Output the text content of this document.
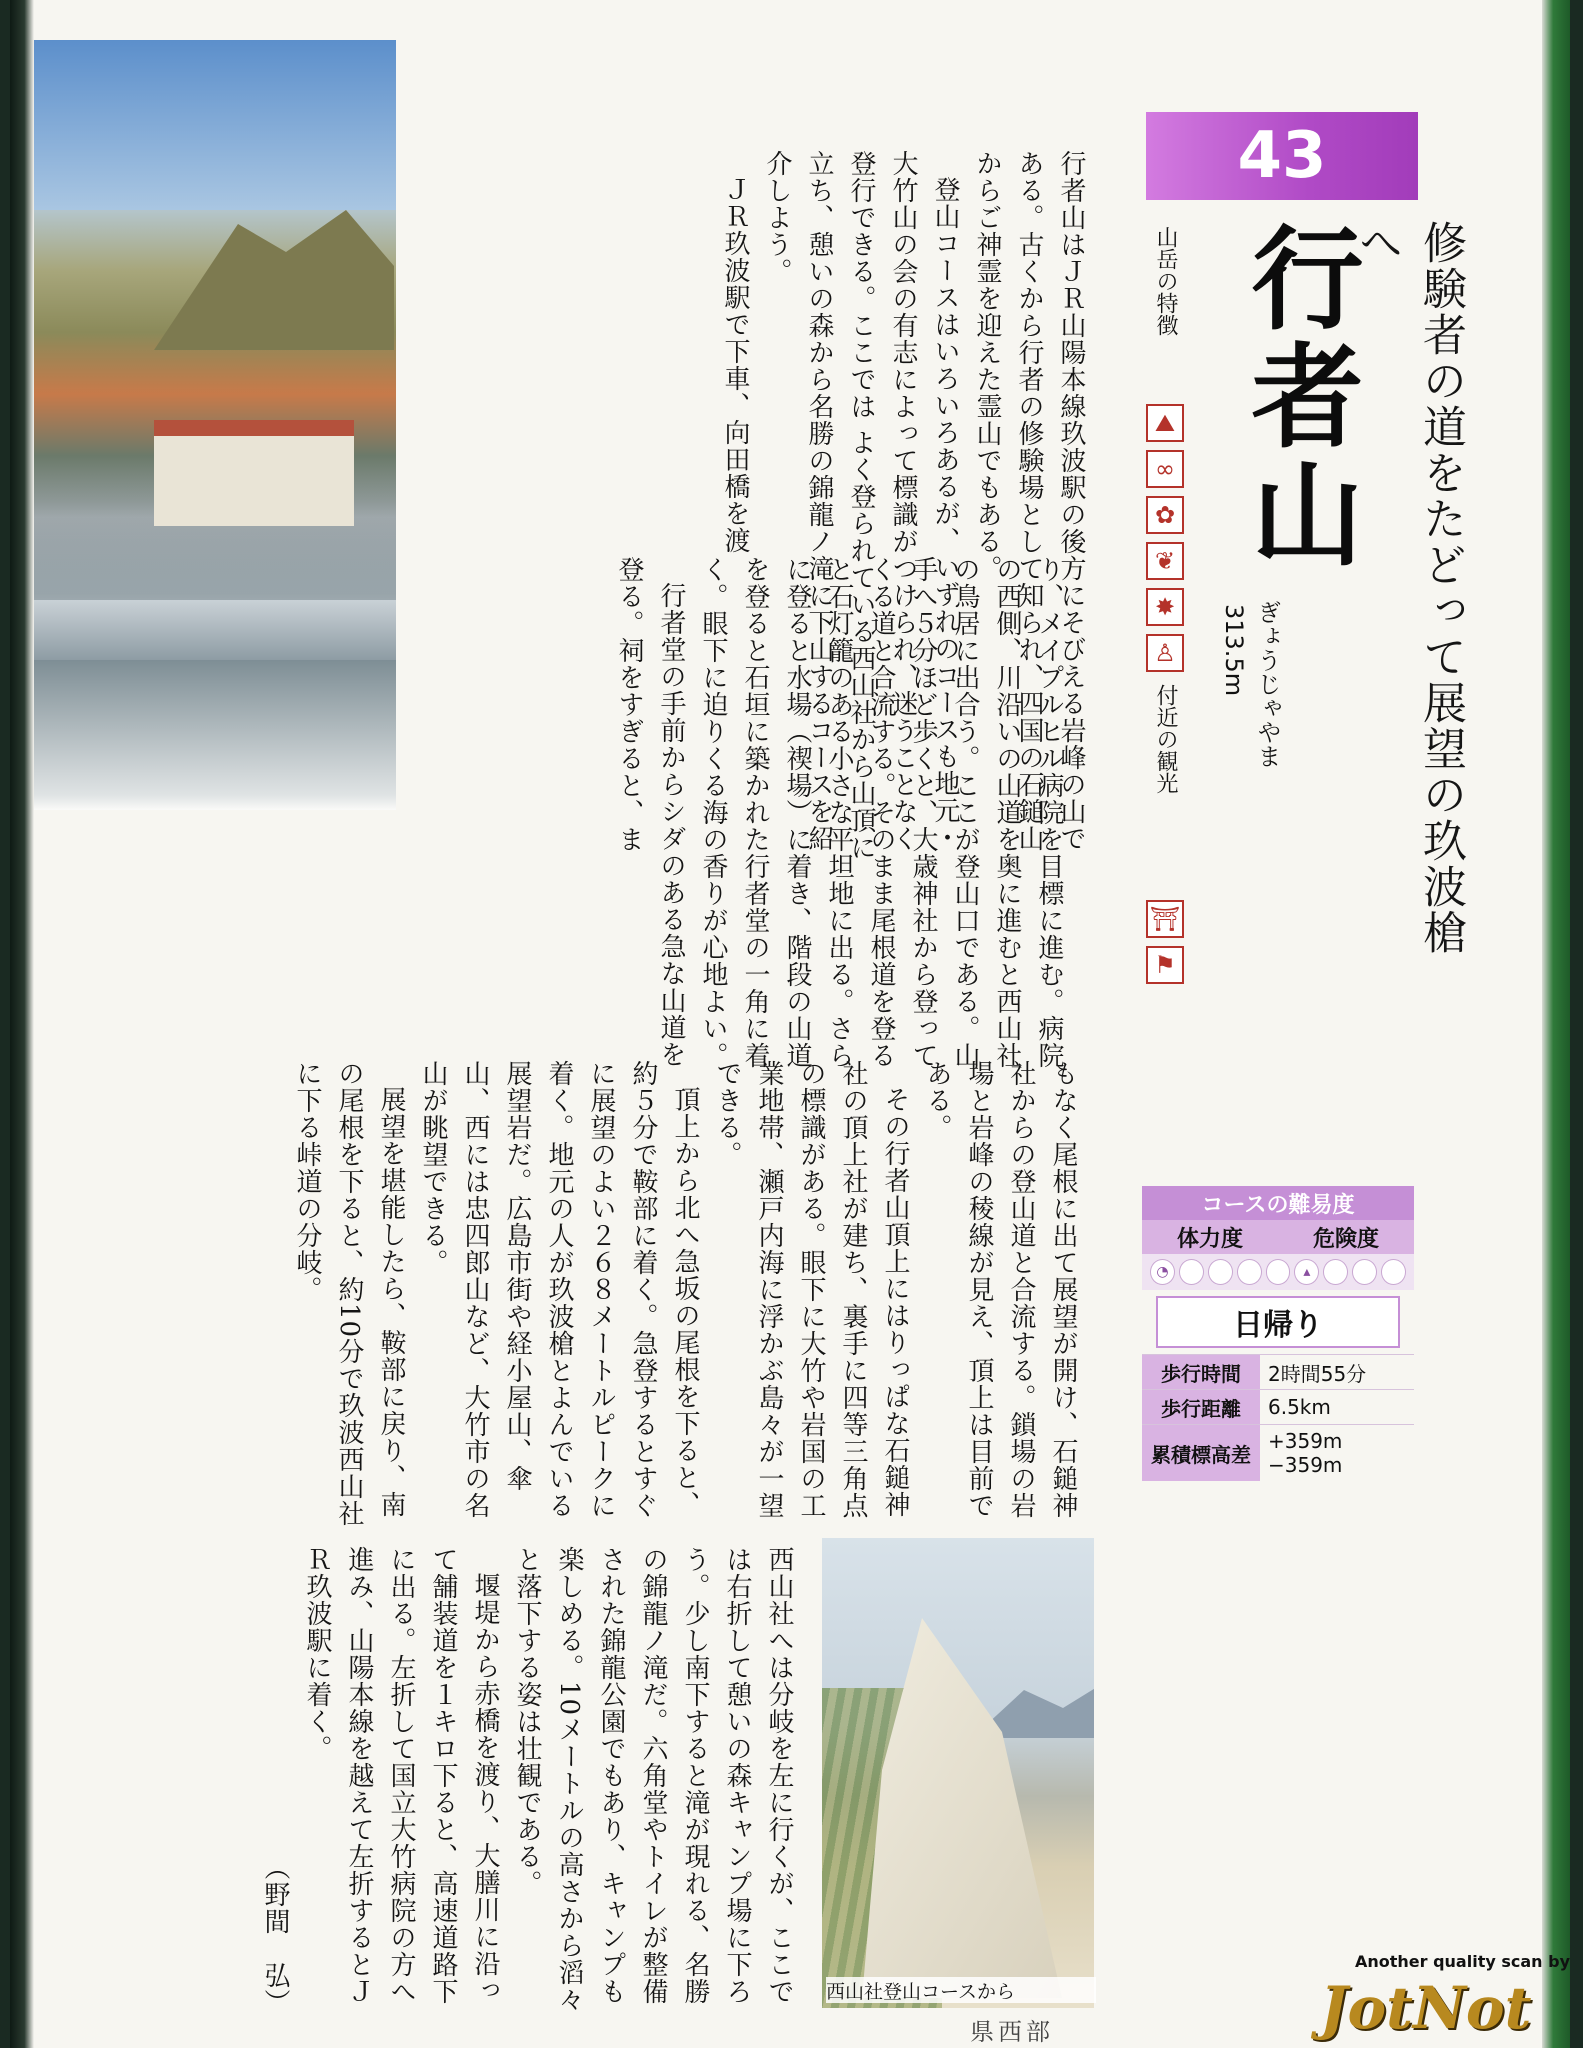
西山社登山コースから
43
修験者の道をたどって展望の玖波槍へ
行者山
ぎょうじゃやま
313.5m
山岳の特徴
⛰
∞
✿
❦
✸
♙
付近の観光
⛩
⚑

行者山はＪＲ山陽本線玖波駅の後方にそびえる岩峰の山である。古くから行者の修験場として知られ、四国の石鎚山からご神霊を迎えた霊山でもある。

登山コースはいろいろあるが、いずれのコースも地元・大竹山の会の有志によって標識がつけられ、迷うことなく登行できる。ここでは よく登られている西山社から山頂に立ち、憩いの森から名勝の錦龍ノ滝に下山するコースを紹介しよう。

ＪＲ玖波駅で下車、向田橋を渡

り、メイプルヒル病院を目標に進む。病院の西側、川沿いの山道を奥に進むと西山社の鳥居に出合う。ここが登山口である。山手へ５分ほど歩くと、大歳神社から登ってくる道と合流する。そのまま尾根道を登ると石灯籠のある小さな平坦地に出る。さらに登ると水場（禊場）に着き、階段の山道を登ると石垣に築かれた行者堂の一角に着く。眼下に迫りくる海の香りが心地よい。

行者堂の手前からシダのある急な山道を登る。祠をすぎると、ま

もなく尾根に出て展望が開け、石鎚神社からの登山道と合流する。鎖場の岩場と岩峰の稜線が見え、頂上は目前である。

その行者山頂上にはりっぱな石鎚神社の頂上社が建ち、裏手に四等三角点の標識がある。眼下に大竹や岩国の工業地帯、瀬戸内海に浮かぶ島々が一望できる。

頂上から北へ急坂の尾根を下ると、約５分で鞍部に着く。急登するとすぐに展望のよい２６８メートルピークに着く。地元の人が玖波槍とよんでいる展望岩だ。広島市街や経小屋山、傘山、西には忠四郎山など、大竹市の名山が眺望できる。

展望を堪能したら、鞍部に戻り、南の尾根を下ると、約10分で玖波西山社に下る峠道の分岐。

西山社へは分岐を左に行くが、ここでは右折して憩いの森キャンプ場に下ろう。少し南下すると滝が現れる、名勝の錦龍ノ滝だ。六角堂やトイレが整備された錦龍公園でもあり、キャンプも楽しめる。10メートルの高さから滔々と落下する姿は壮観である。

堰堤から赤橋を渡り、大膳川に沿って舗装道を１キロ下ると、高速道路下に出る。左折して国立大竹病院の方へ進み、山陽本線を越えて左折するとＪＲ玖波駅に着く。

（野間　弘）

コースの難易度
体力度	危険度
◔	▴
日帰り
歩行時間	2時間55分
歩行距離	6.5km
累積標高差
+359m
−359m
県西部
Another quality scan by
JotNot
